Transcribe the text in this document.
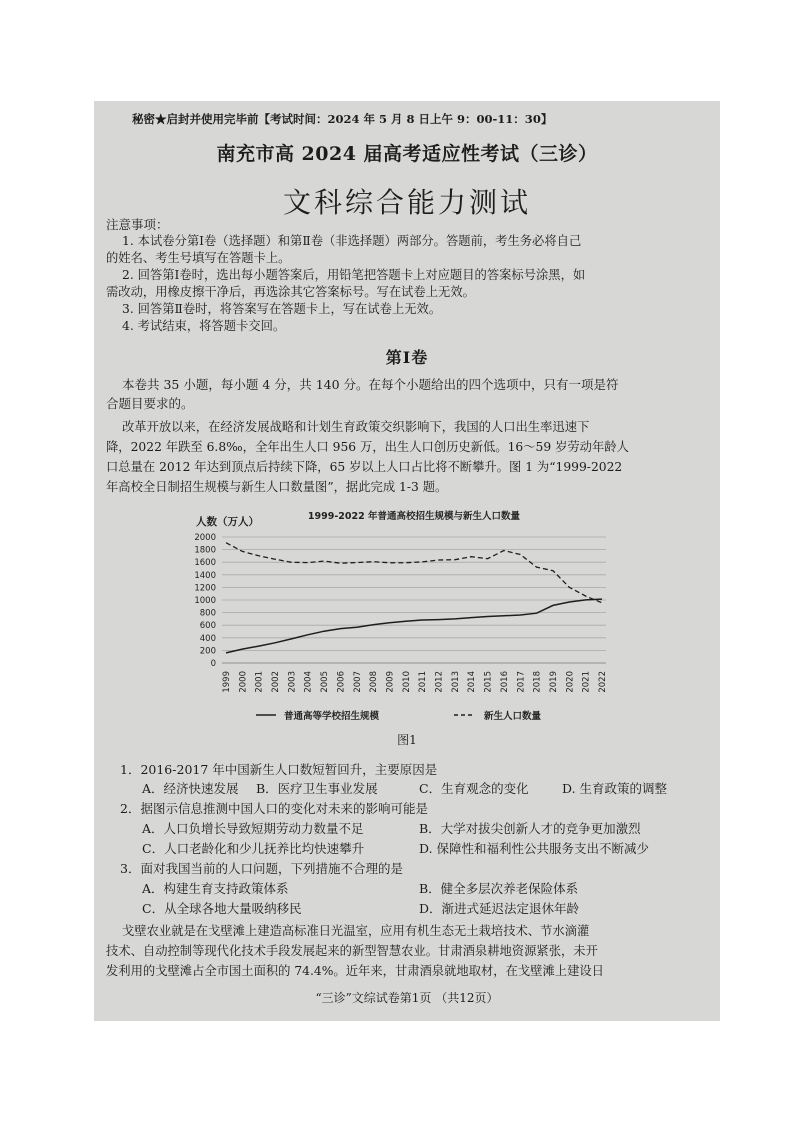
秘密★启封并使用完毕前【考试时间：2024 年 5 月 8 日上午 9：00-11：30】
南充市高 2024 届高考适应性考试（三诊）
文科综合能力测试
注意事项：
1. 本试卷分第Ⅰ卷（选择题）和第Ⅱ卷（非选择题）两部分。答题前，考生务必将自己
的姓名、考生号填写在答题卡上。
2. 回答第Ⅰ卷时，选出每小题答案后，用铅笔把答题卡上对应题目的答案标号涂黑，如
需改动，用橡皮擦干净后，再选涂其它答案标号。写在试卷上无效。
3. 回答第Ⅱ卷时，将答案写在答题卡上，写在试卷上无效。
4. 考试结束，将答题卡交回。
第Ⅰ卷
本卷共 35 小题，每小题 4 分，共 140 分。在每个小题给出的四个选项中，只有一项是符
合题目要求的。
改革开放以来，在经济发展战略和计划生育政策交织影响下，我国的人口出生率迅速下
降，2022 年跌至 6.8‰，全年出生人口 956 万，出生人口创历史新低。16～59 岁劳动年龄人
口总量在 2012 年达到顶点后持续下降，65 岁以上人口占比将不断攀升。图 1 为“1999-2022
年高校全日制招生规模与新生人口数量图”，据此完成 1-3 题。
1999-2022 年普通高校招生规模与新生人口数量
人数（万人）
0
200
400
600
800
1000
1200
1400
1600
1800
2000
1999 2000 2001 2002 2003 2004 2005 2006 2007 2008 2009 2010 2011 2012 2013 2014 2015 2016 2017 2018 2019 2020 2021 2022
普通高等学校招生规模	新生人口数量
图1
1．2016-2017 年中国新生人口数短暂回升，主要原因是
A．经济快速发展 B．医疗卫生事业发展	C．生育观念的变化	D. 生育政策的调整
2．据图示信息推测中国人口的变化对未来的影响可能是
A．人口负增长导致短期劳动力数量不足	B．大学对拔尖创新人才的竞争更加激烈
C．人口老龄化和少儿抚养比均快速攀升	D. 保障性和福利性公共服务支出不断减少
3．面对我国当前的人口问题，下列措施不合理的是
A．构建生育支持政策体系	B．健全多层次养老保险体系
C．从全球各地大量吸纳移民	D．渐进式延迟法定退休年龄
戈壁农业就是在戈壁滩上建造高标准日光温室，应用有机生态无土栽培技术、节水滴灌
技术、自动控制等现代化技术手段发展起来的新型智慧农业。甘肃酒泉耕地资源紧张，未开
发利用的戈壁滩占全市国土面积的 74.4%。近年来，甘肃酒泉就地取材，在戈壁滩上建设日
“三诊”文综试卷第1页 （共12页）
